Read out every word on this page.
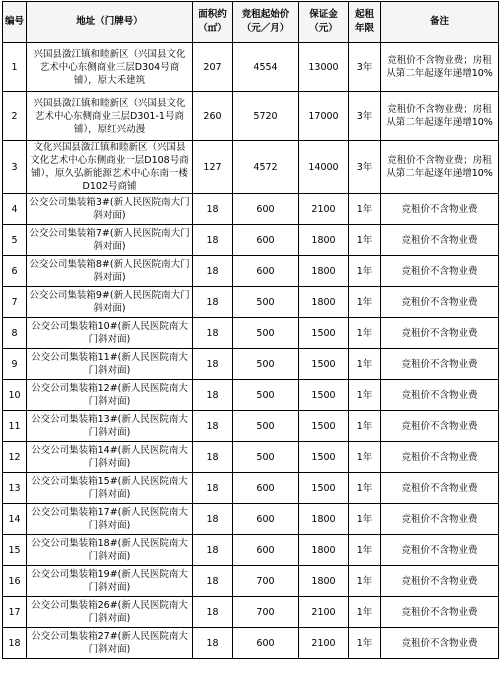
编号	地址（门牌号）	面积约（㎡）	竞租起始价（元／月）	保证金（元）	起租年限	备注
1	兴国县潋江镇和睦新区（兴国县文化艺术中心东侧商业三层D304号商铺），原大禾建筑	207	4554	13000	3年	竞租价不含物业费；房租从第二年起逐年递增10%
2	兴国县潋江镇和睦新区（兴国县文化艺术中心东侧商业三层D301-1号商铺），原红兴动漫	260	5720	17000	3年	竞租价不含物业费；房租从第二年起逐年递增10%
3	文化兴国县潋江镇和睦新区（兴国县文化艺术中心东侧商业一层D108号商铺），原久弘新能源艺术中心东南一楼D102号商铺	127	4572	14000	3年	竞租价不含物业费；房租从第二年起逐年递增10%
4	公交公司集装箱3#(新人民医院南大门斜对面)	18	600	2100	1年	竞租价不含物业费
5	公交公司集装箱7#(新人民医院南大门斜对面)	18	600	1800	1年	竞租价不含物业费
6	公交公司集装箱8#(新人民医院南大门斜对面)	18	600	1800	1年	竞租价不含物业费
7	公交公司集装箱9#(新人民医院南大门斜对面)	18	500	1800	1年	竞租价不含物业费
8	公交公司集装箱10#(新人民医院南大门斜对面)	18	500	1500	1年	竞租价不含物业费
9	公交公司集装箱11#(新人民医院南大门斜对面)	18	500	1500	1年	竞租价不含物业费
10	公交公司集装箱12#(新人民医院南大门斜对面)	18	500	1500	1年	竞租价不含物业费
11	公交公司集装箱13#(新人民医院南大门斜对面)	18	500	1500	1年	竞租价不含物业费
12	公交公司集装箱14#(新人民医院南大门斜对面)	18	500	1500	1年	竞租价不含物业费
13	公交公司集装箱15#(新人民医院南大门斜对面)	18	600	1500	1年	竞租价不含物业费
14	公交公司集装箱17#(新人民医院南大门斜对面)	18	600	1800	1年	竞租价不含物业费
15	公交公司集装箱18#(新人民医院南大门斜对面)	18	600	1800	1年	竞租价不含物业费
16	公交公司集装箱19#(新人民医院南大门斜对面)	18	700	1800	1年	竞租价不含物业费
17	公交公司集装箱26#(新人民医院南大门斜对面)	18	700	2100	1年	竞租价不含物业费
18	公交公司集装箱27#(新人民医院南大门斜对面)	18	600	2100	1年	竞租价不含物业费
